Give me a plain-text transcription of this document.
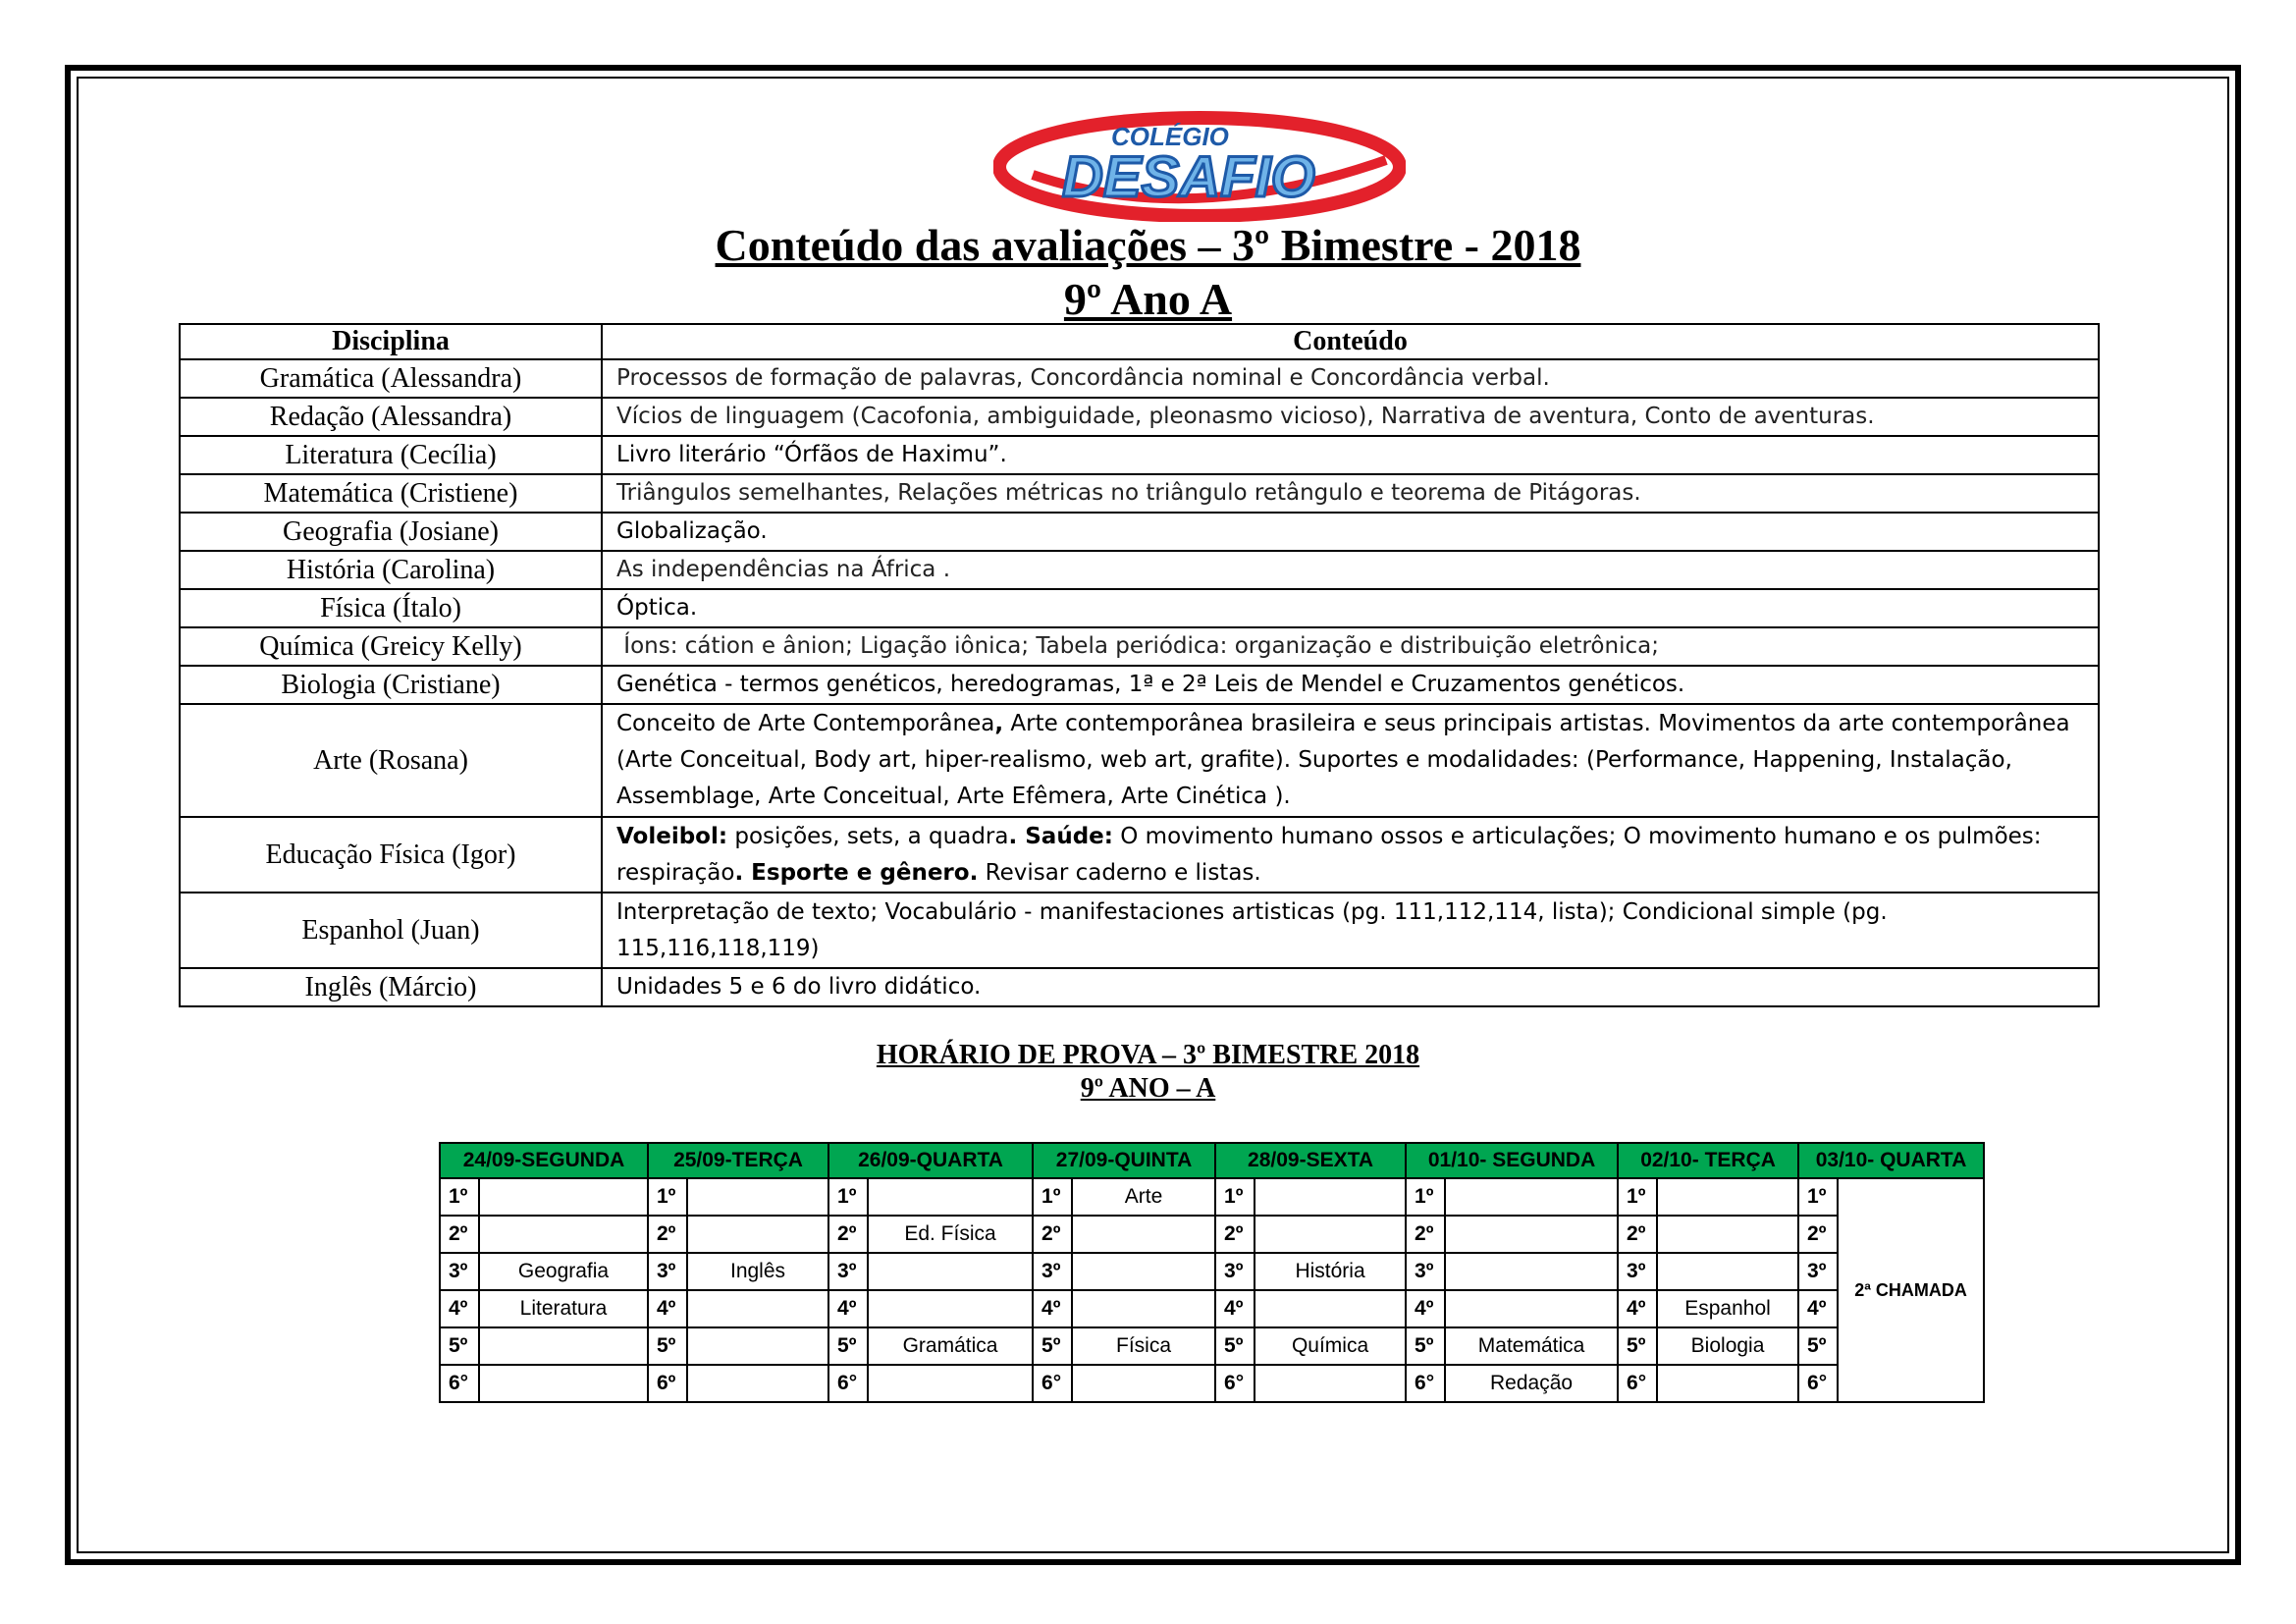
COLÉGIO
DESAFIO
Conteúdo das avaliações – 3º Bimestre - 2018
9º Ano A
Disciplina	Conteúdo
Gramática (Alessandra)	Processos de formação de palavras, Concordância nominal e Concordância verbal.
Redação (Alessandra)	Vícios de linguagem (Cacofonia, ambiguidade, pleonasmo vicioso), Narrativa de aventura, Conto de aventuras.
Literatura (Cecília)	Livro literário “Órfãos de Haximu”.
Matemática (Cristiene)	Triângulos semelhantes, Relações métricas no triângulo retângulo e teorema de Pitágoras.
Geografia (Josiane)	Globalização.
História (Carolina)	As independências na África .
Física (Ítalo)	Óptica.
Química (Greicy Kelly)	Íons: cátion e ânion; Ligação iônica; Tabela periódica: organização e distribuição eletrônica;
Biologia (Cristiane)	Genética - termos genéticos, heredogramas, 1ª e 2ª Leis de Mendel e Cruzamentos genéticos.
Arte (Rosana)	Conceito de Arte Contemporânea, Arte contemporânea brasileira e seus principais artistas. Movimentos da arte contemporânea (Arte Conceitual, Body art, hiper-realismo, web art, grafite). Suportes e modalidades: (Performance, Happening, Instalação, Assemblage, Arte Conceitual, Arte Efêmera, Arte Cinética ).
Educação Física (Igor)	Voleibol: posições, sets, a quadra. Saúde: O movimento humano ossos e articulações; O movimento humano e os pulmões: respiração. Esporte e gênero. Revisar caderno e listas.
Espanhol (Juan)	Interpretação de texto; Vocabulário - manifestaciones artisticas (pg. 111,112,114, lista); Condicional simple (pg. 115,116,118,119)
Inglês (Márcio)	Unidades 5 e 6 do livro didático.
HORÁRIO DE PROVA – 3º BIMESTRE 2018
9º ANO – A
24/09-SEGUNDA		25/09-TERÇA		26/09-QUARTA		27/09-QUINTA		28/09-SEXTA		01/10- SEGUNDA		02/10- TERÇA		03/10- QUARTA	
1º		1º		1º		1º	Arte	1º		1º		1º		1º	2ª CHAMADA
2º		2º		2º	Ed. Física	2º		2º		2º		2º		2º	
3º	Geografia	3º	Inglês	3º		3º		3º	História	3º		3º		3º	
4º	Literatura	4º		4º		4º		4º		4º		4º	Espanhol	4º	
5º		5º		5º	Gramática	5º	Física	5º	Química	5º	Matemática	5º	Biologia	5º	
6°		6º		6°		6°		6°		6°	Redação	6°		6°	
